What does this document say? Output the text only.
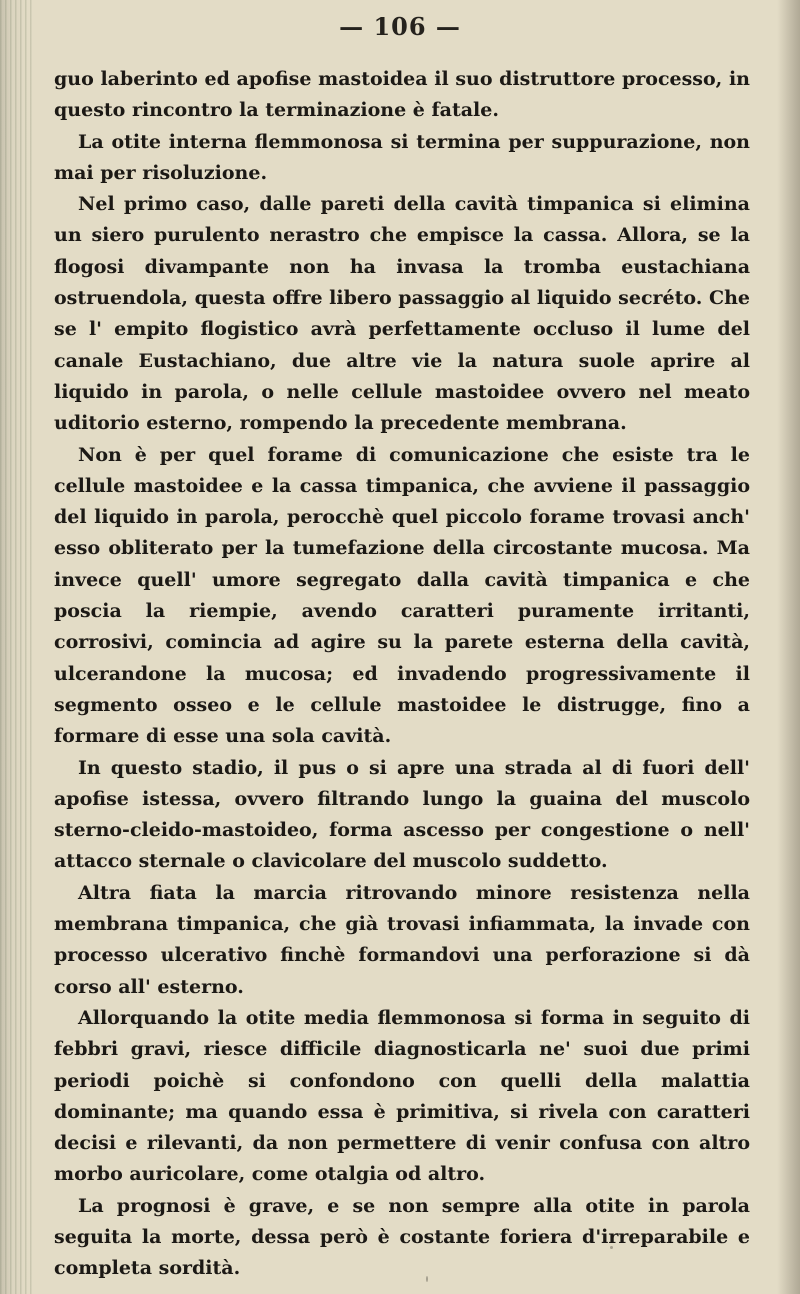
— 106 —

guo laberinto ed apofise mastoidea il suo distruttore processo, in questo rincontro la terminazione è fatale.

La otite interna flemmonosa si termina per suppurazione, non mai per risoluzione.

Nel primo caso, dalle pareti della cavità timpanica si elimina un siero purulento nerastro che empisce la cassa. Allora, se la flogosi divampante non ha invasa la tromba eustachiana ostruendola, questa offre libero passaggio al liquido secréto. Che se l' empito flogistico avrà perfettamente occluso il lume del canale Eustachiano, due altre vie la natura suole aprire al liquido in parola, o nelle cellule mastoidee ovvero nel meato uditorio esterno, rompendo la precedente membrana.

Non è per quel forame di comunicazione che esiste tra le cellule mastoidee e la cassa timpanica, che avviene il passaggio del liquido in parola, perocchè quel piccolo forame trovasi anch' esso obliterato per la tumefazione della circostante mucosa. Ma invece quell' umore segregato dalla cavità timpanica e che poscia la riempie, avendo caratteri puramente irritanti, corrosivi, comincia ad agire su la parete esterna della cavità, ulcerandone la mucosa; ed invadendo progressivamente il segmento osseo e le cellule mastoidee le distrugge, fino a formare di esse una sola cavità.

In questo stadio, il pus o si apre una strada al di fuori dell' apofise istessa, ovvero filtrando lungo la guaina del muscolo sterno-cleido-mastoideo, forma ascesso per congestione o nell' attacco sternale o clavicolare del muscolo suddetto.

Altra fiata la marcia ritrovando minore resistenza nella membrana timpanica, che già trovasi infiammata, la invade con processo ulcerativo finchè formandovi una perforazione si dà corso all' esterno.

Allorquando la otite media flemmonosa si forma in seguito di febbri gravi, riesce difficile diagnosticarla ne' suoi due primi periodi poichè si confondono con quelli della malattia dominante; ma quando essa è primitiva, si rivela con caratteri decisi e rilevanti, da non permettere di venir confusa con altro morbo auricolare, come otalgia od altro.

La prognosi è grave, e se non sempre alla otite in parola seguita la morte, dessa però è costante foriera d'irreparabile e completa sordità.
